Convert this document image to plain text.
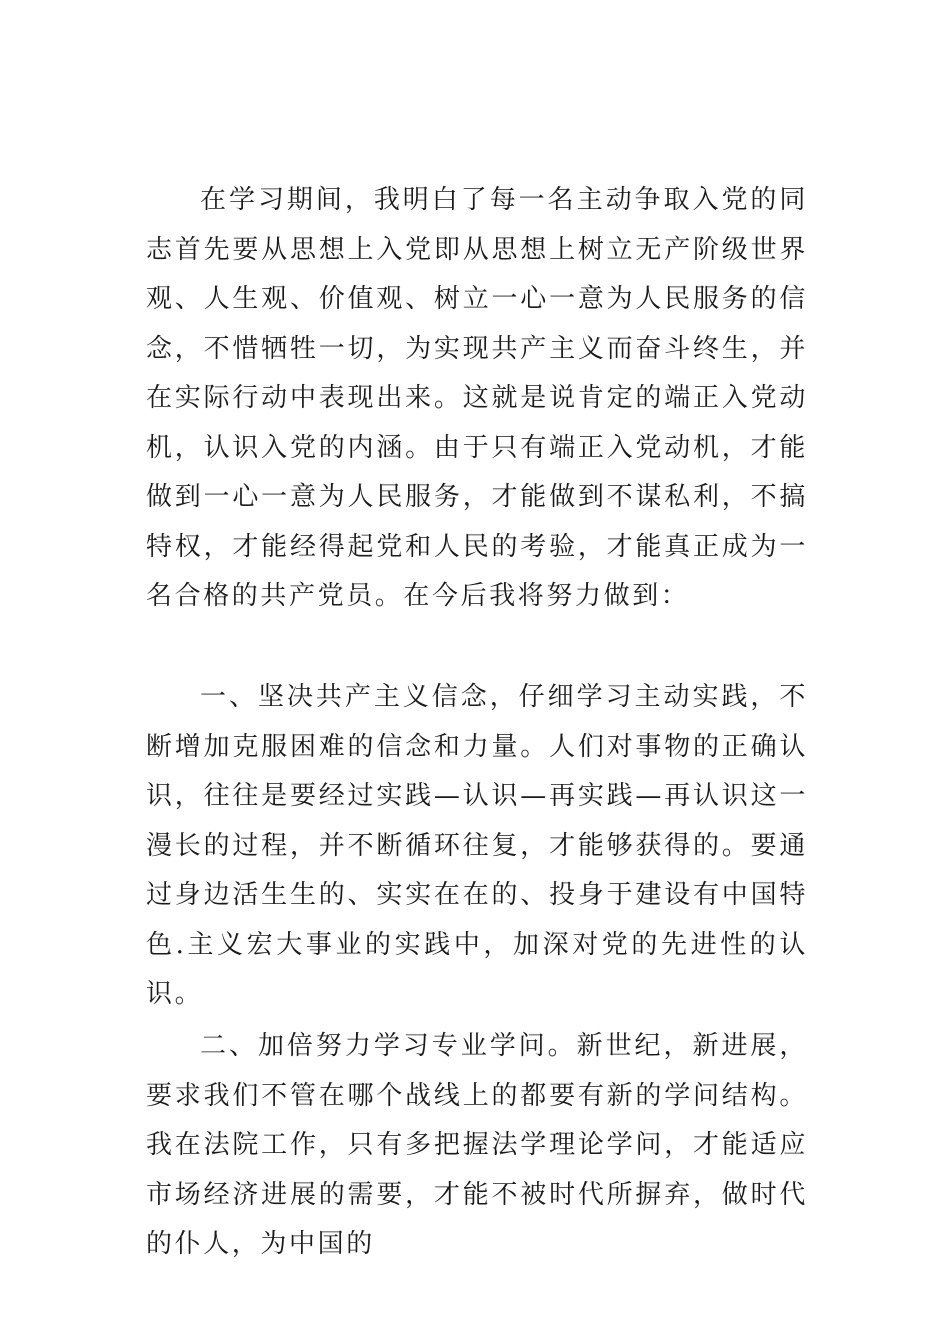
在学习期间，我明白了每一名主动争取入党的同志首先要从思想上入党即从思想上树立无产阶级世界观、人生观、价值观、树立一心一意为人民服务的信念，不惜牺牲一切，为实现共产主义而奋斗终生，并在实际行动中表现出来。这就是说肯定的端正入党动机，认识入党的内涵。由于只有端正入党动机，才能做到一心一意为人民服务，才能做到不谋私利，不搞特权，才能经得起党和人民的考验，才能真正成为一名合格的共产党员。在今后我将努力做到：

一、坚决共产主义信念，仔细学习主动实践，不断增加克服困难的信念和力量。人们对事物的正确认识，往往是要经过实践—认识—再实践—再认识这一漫长的过程，并不断循环往复，才能够获得的。要通过身边活生生的、实实在在的、投身于建设有中国特色.主义宏大事业的实践中，加深对党的先进性的认识。

二、加倍努力学习专业学问。新世纪，新进展，要求我们不管在哪个战线上的都要有新的学问结构。我在法院工作，只有多把握法学理论学问，才能适应市场经济进展的需要，才能不被时代所摒弃，做时代的仆人，为中国的
